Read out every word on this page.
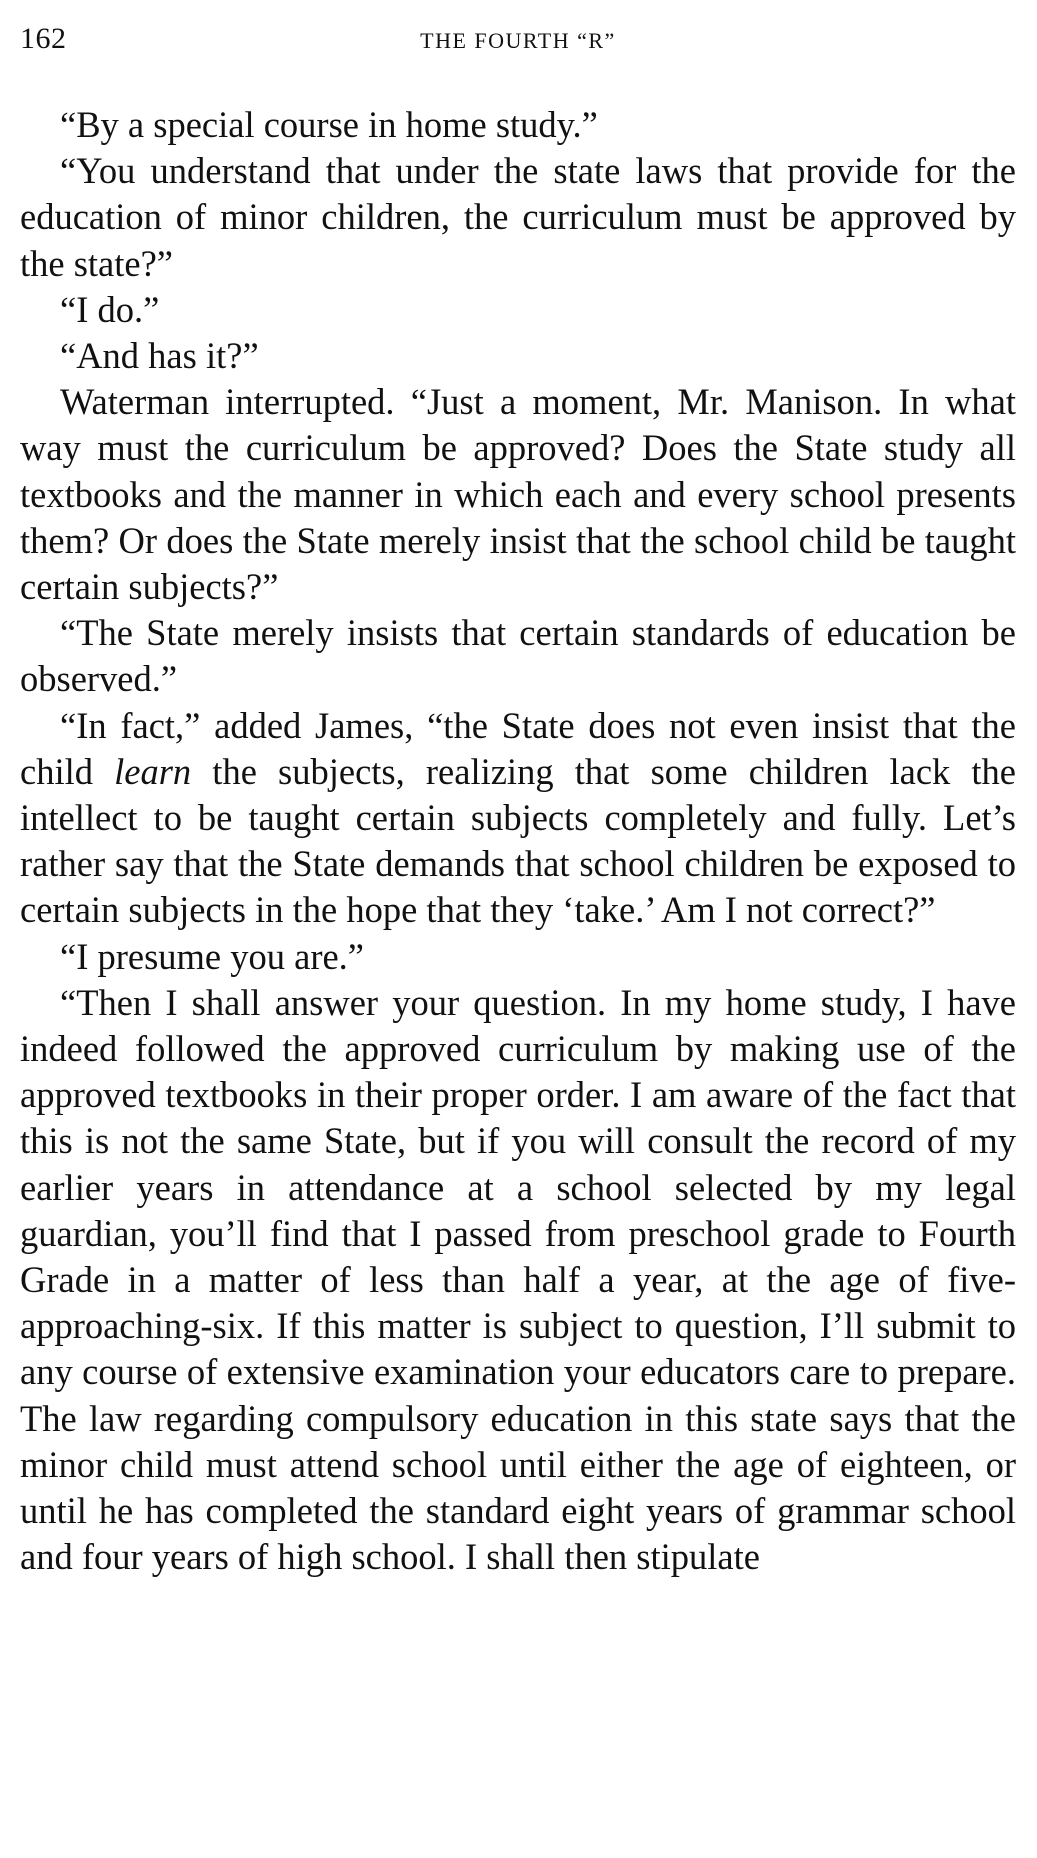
162	THE FOURTH “R”

“By a special course in home study.”

“You understand that under the state laws that provide for the education of minor children, the curriculum must be approved by the state?”

“I do.”

“And has it?”

Waterman interrupted. “Just a moment, Mr. Manison. In what way must the curriculum be approved? Does the State study all textbooks and the manner in which each and every school presents them? Or does the State merely insist that the school child be taught certain subjects?”

“The State merely insists that certain standards of education be observed.”

“In fact,” added James, “the State does not even insist that the child learn the subjects, realizing that some children lack the intellect to be taught certain subjects completely and fully. Let’s rather say that the State demands that school children be exposed to certain subjects in the hope that they ‘take.’ Am I not correct?”

“I presume you are.”

“Then I shall answer your question. In my home study, I have indeed followed the approved curriculum by making use of the approved textbooks in their proper order. I am aware of the fact that this is not the same State, but if you will consult the record of my earlier years in attendance at a school selected by my legal guardian, you’ll find that I passed from preschool grade to Fourth Grade in a matter of less than half a year, at the age of five-approaching-six. If this matter is subject to question, I’ll submit to any course of extensive examination your educators care to prepare. The law regarding compulsory education in this state says that the minor child must attend school until either the age of eighteen, or until he has completed the standard eight years of grammar school and four years of high school. I shall then stipulate
